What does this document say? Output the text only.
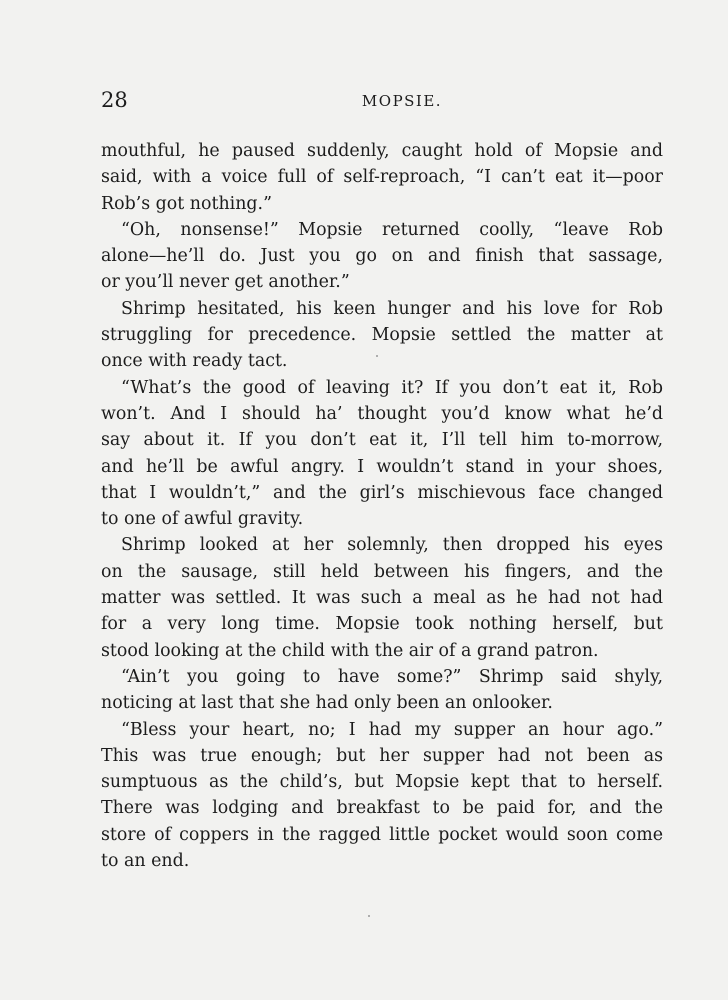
28	MOPSIE.

mouthful, he paused suddenly, caught hold of Mopsie and
said, with a voice full of self-reproach, “I can’t eat it—poor
Rob’s got nothing.”

“Oh, nonsense!” Mopsie returned coolly, “leave Rob
alone—he’ll do. Just you go on and finish that sassage,
or you’ll never get another.”

Shrimp hesitated, his keen hunger and his love for Rob
struggling for precedence. Mopsie settled the matter at
once with ready tact.

“What’s the good of leaving it? If you don’t eat it, Rob
won’t. And I should ha’ thought you’d know what he’d
say about it. If you don’t eat it, I’ll tell him to-morrow,
and he’ll be awful angry. I wouldn’t stand in your shoes,
that I wouldn’t,” and the girl’s mischievous face changed
to one of awful gravity.

Shrimp looked at her solemnly, then dropped his eyes
on the sausage, still held between his fingers, and the
matter was settled. It was such a meal as he had not had
for a very long time. Mopsie took nothing herself, but
stood looking at the child with the air of a grand patron.

“Ain’t you going to have some?” Shrimp said shyly,
noticing at last that she had only been an onlooker.

“Bless your heart, no; I had my supper an hour ago.”
This was true enough; but her supper had not been as
sumptuous as the child’s, but Mopsie kept that to herself.
There was lodging and breakfast to be paid for, and the
store of coppers in the ragged little pocket would soon come
to an end.
